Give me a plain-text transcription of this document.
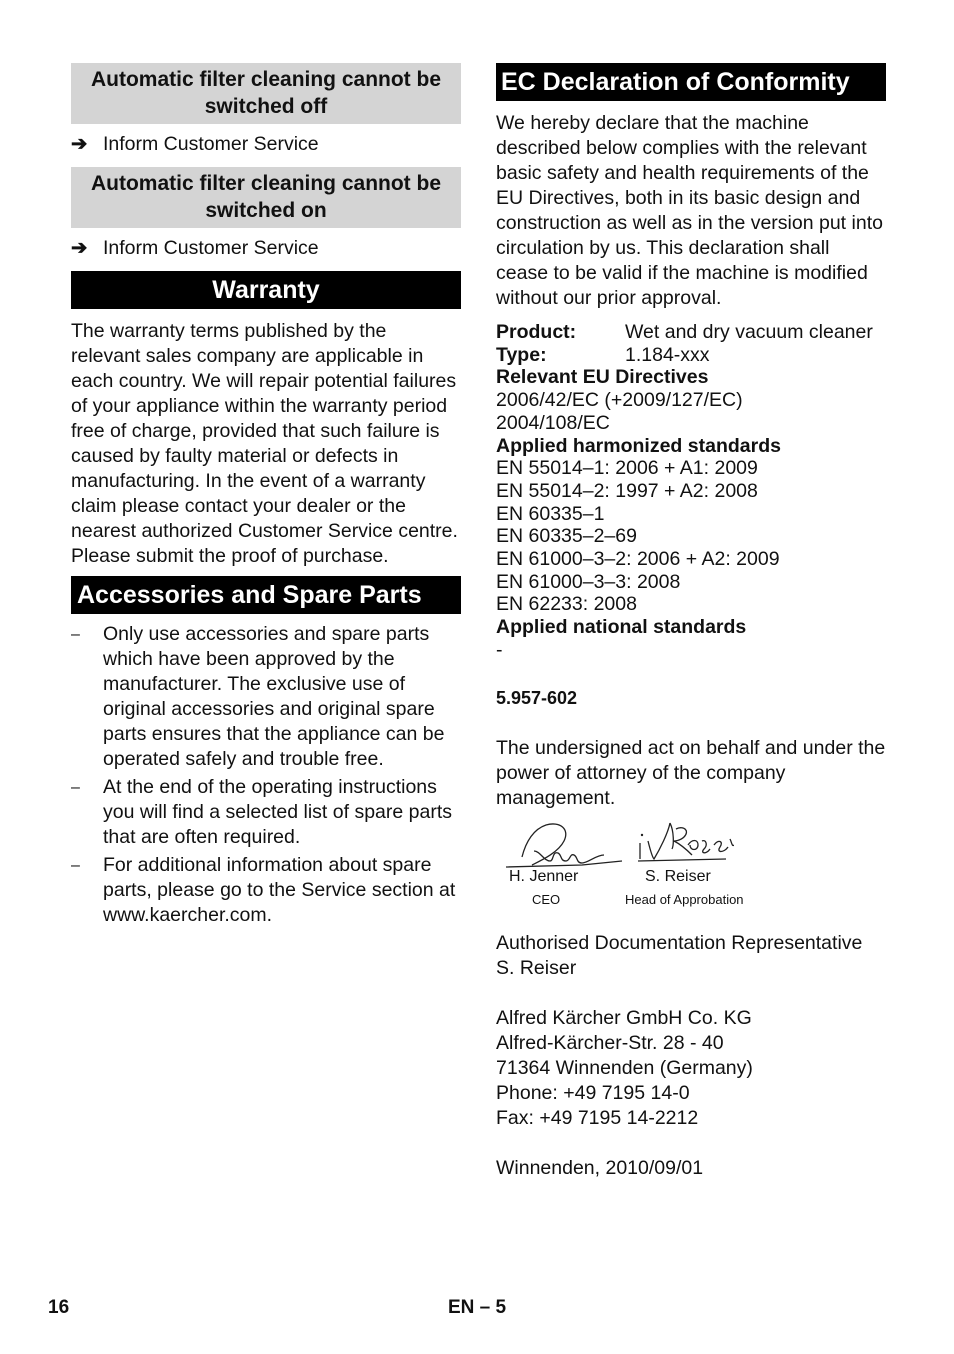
Automatic filter cleaning cannot be switched off
➔ Inform Customer Service
Automatic filter cleaning cannot be switched on
➔ Inform Customer Service
Warranty
The warranty terms published by the relevant sales company are applicable in each country. We will repair potential failures of your appliance within the warranty period free of charge, provided that such failure is caused by faulty material or defects in manufacturing. In the event of a warranty claim please contact your dealer or the nearest authorized Customer Service centre. Please submit the proof of purchase.
Accessories and Spare Parts
–	Only use accessories and spare parts which have been approved by the manufacturer. The exclusive use of original accessories and original spare parts ensures that the appliance can be operated safely and trouble free.
–	At the end of the operating instructions you will find a selected list of spare parts that are often required.
–	For additional information about spare parts, please go to the Service section at www.kaercher.com.
EC Declaration of Conformity
We hereby declare that the machine described below complies with the relevant basic safety and health requirements of the EU Directives, both in its basic design and construction as well as in the version put into circulation by us. This declaration shall cease to be valid if the machine is modified without our prior approval.
Product:	Wet and dry vacuum cleaner
Type:	1.184-xxx
Relevant EU Directives
2006/42/EC (+2009/127/EC)
2004/108/EC
Applied harmonized standards
EN 55014–1: 2006 + A1: 2009
EN 55014–2: 1997 + A2: 2008
EN 60335–1
EN 60335–2–69
EN 61000–3–2: 2006 + A2: 2009
EN 61000–3–3: 2008
EN 62233: 2008
Applied national standards
-
5.957-602
The undersigned act on behalf and under the power of attorney of the company management.
H. Jenner
CEO
S. Reiser
Head of Approbation
Authorised Documentation Representative
S. Reiser
Alfred Kärcher GmbH Co. KG
Alfred-Kärcher-Str. 28 - 40
71364 Winnenden (Germany)
Phone: +49 7195 14-0
Fax: +49 7195 14-2212
Winnenden, 2010/09/01
16	EN – 5
